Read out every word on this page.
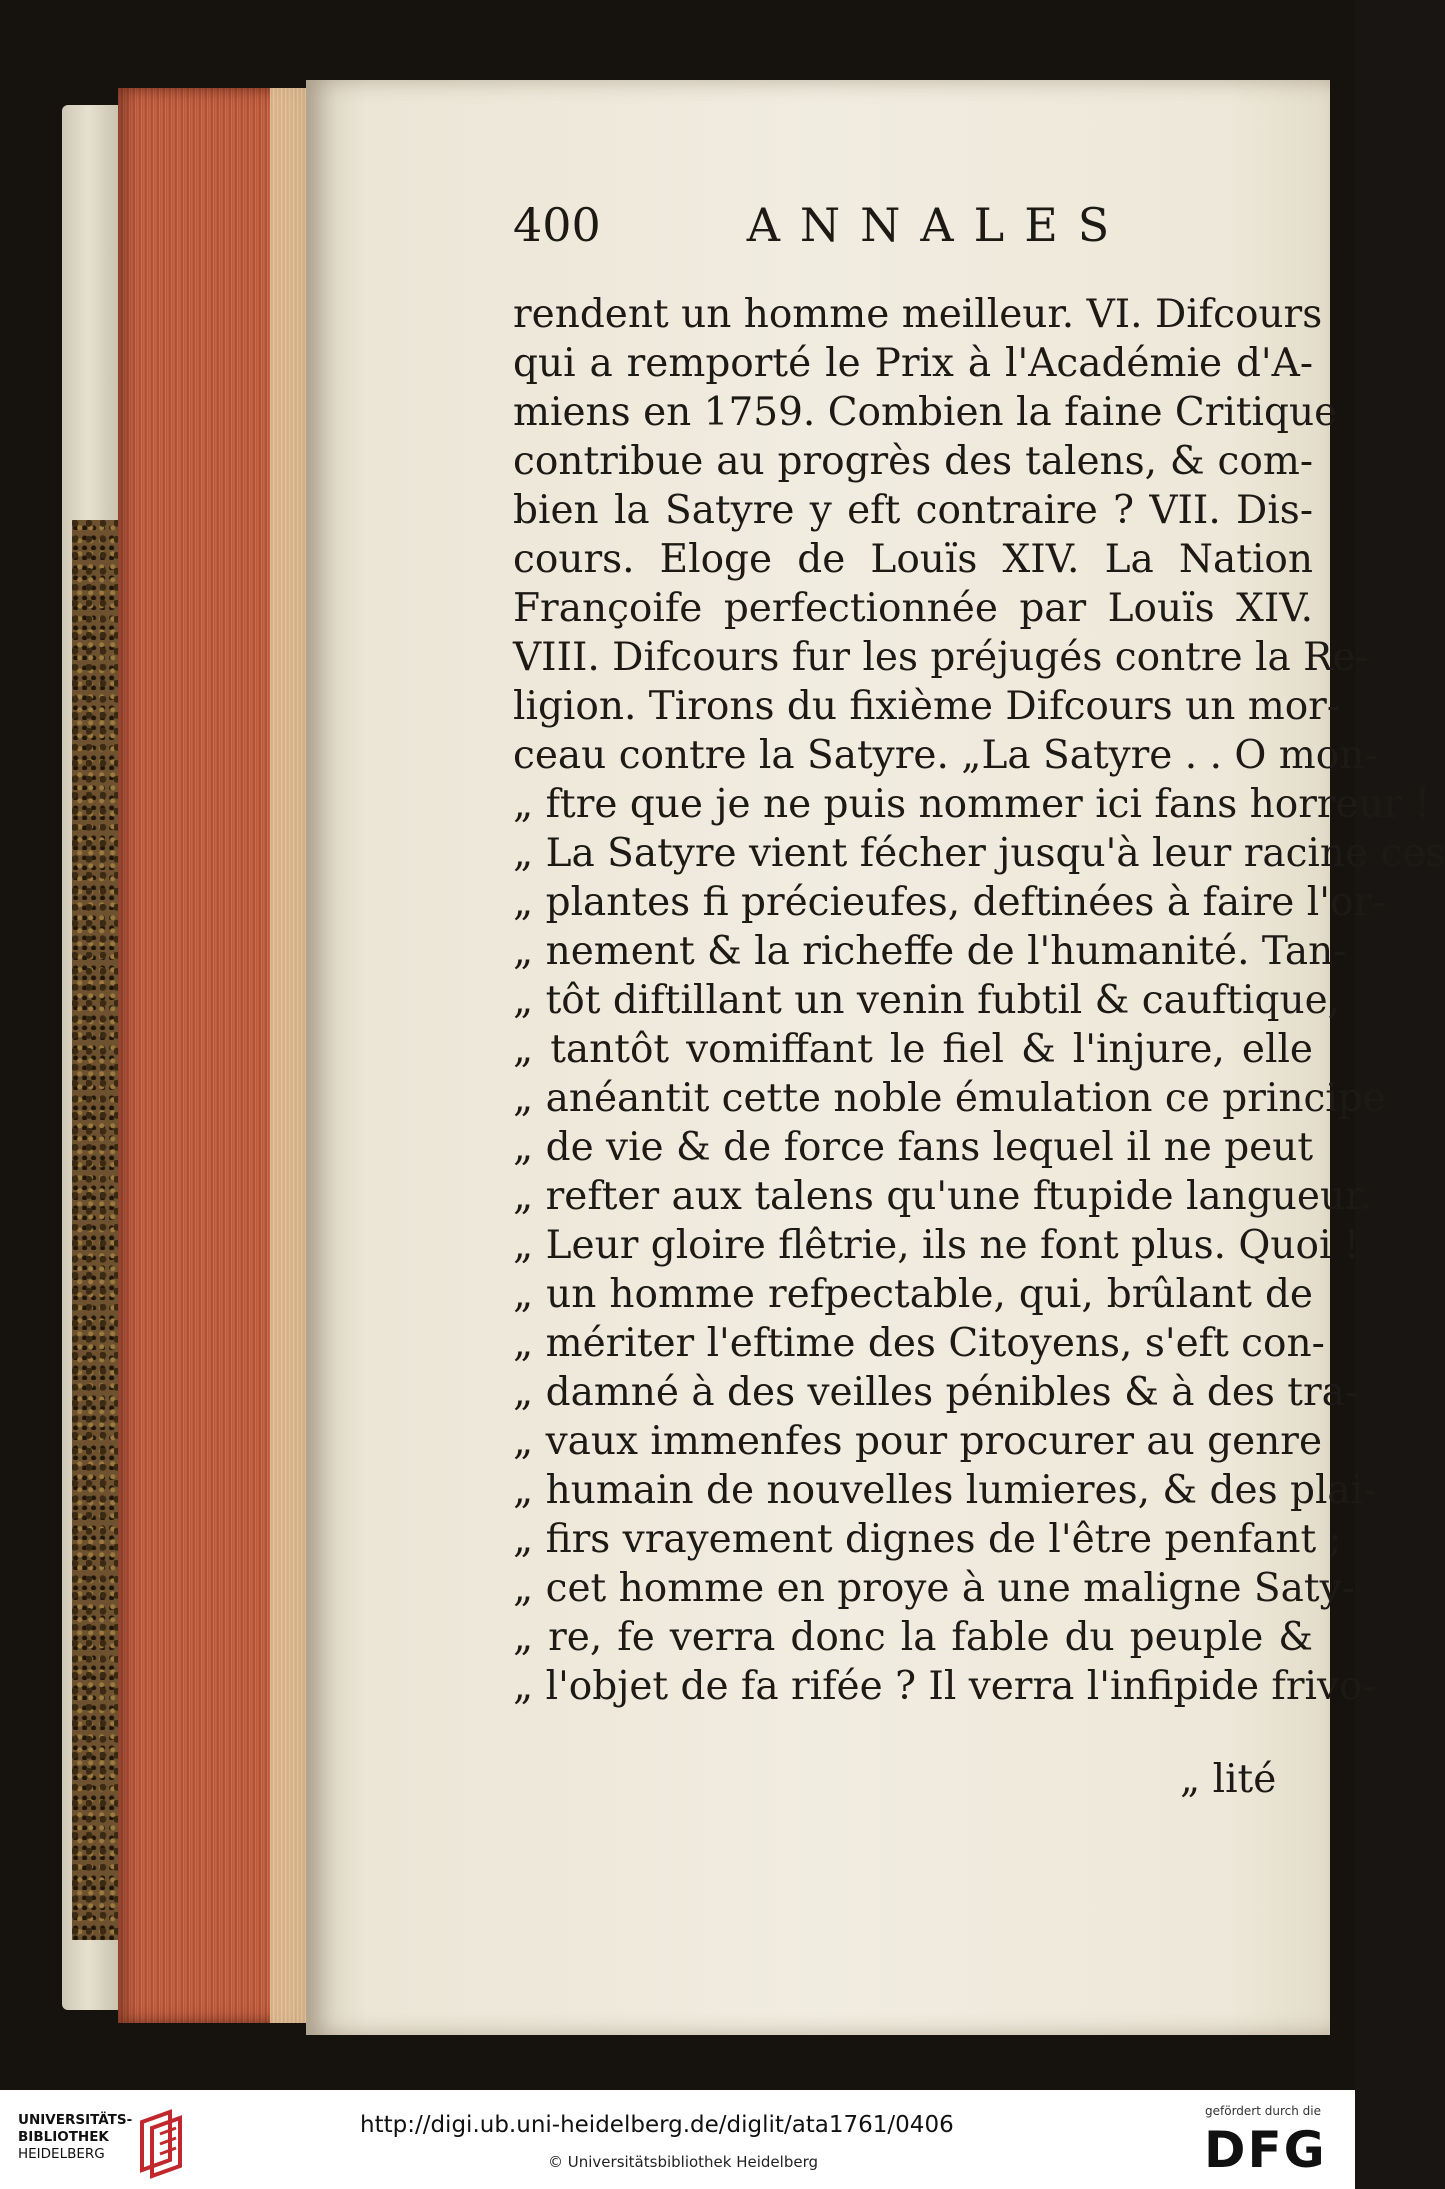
400	ANNALES
rendent un homme meilleur. VI. Difcours
qui a remporté le Prix à l'Académie d'A-
miens en 1759. Combien la faine Critique
contribue au progrès des talens, & com-
bien la Satyre y eft contraire ? VII. Dis-
cours. Eloge de Louïs XIV. La Nation
Françoife perfectionnée par Louïs XIV.
VIII. Difcours fur les préjugés contre la Re-
ligion. Tirons du fixième Difcours un mor-
ceau contre la Satyre. „La Satyre . . O mon-
„ ftre que je ne puis nommer ici fans horreur !
„ La Satyre vient fécher jusqu'à leur racine ces
„ plantes fi précieufes, deftinées à faire l'or-
„ nement & la richeffe de l'humanité. Tan-
„ tôt diftillant un venin fubtil & cauftique,
„ tantôt vomiffant le fiel & l'injure, elle
„ anéantit cette noble émulation ce principe
„ de vie & de force fans lequel il ne peut
„ refter aux talens qu'une ftupide langueur.
„ Leur gloire flêtrie, ils ne font plus. Quoi !
„ un homme refpectable, qui, brûlant de
„ mériter l'eftime des Citoyens, s'eft con-
„ damné à des veilles pénibles & à des tra-
„ vaux immenfes pour procurer au genre
„ humain de nouvelles lumieres, & des plai-
„ firs vrayement dignes de l'être penfant ;
„ cet homme en proye à une maligne Saty-
„ re, fe verra donc la fable du peuple &
„ l'objet de fa rifée ? Il verra l'infipide frivo-
„ lité
UNIVERSITÄTS-
BIBLIOTHEK
HEIDELBERG
http://digi.ub.uni-heidelberg.de/diglit/ata1761/0406
© Universitätsbibliothek Heidelberg
gefördert durch die
DFG
